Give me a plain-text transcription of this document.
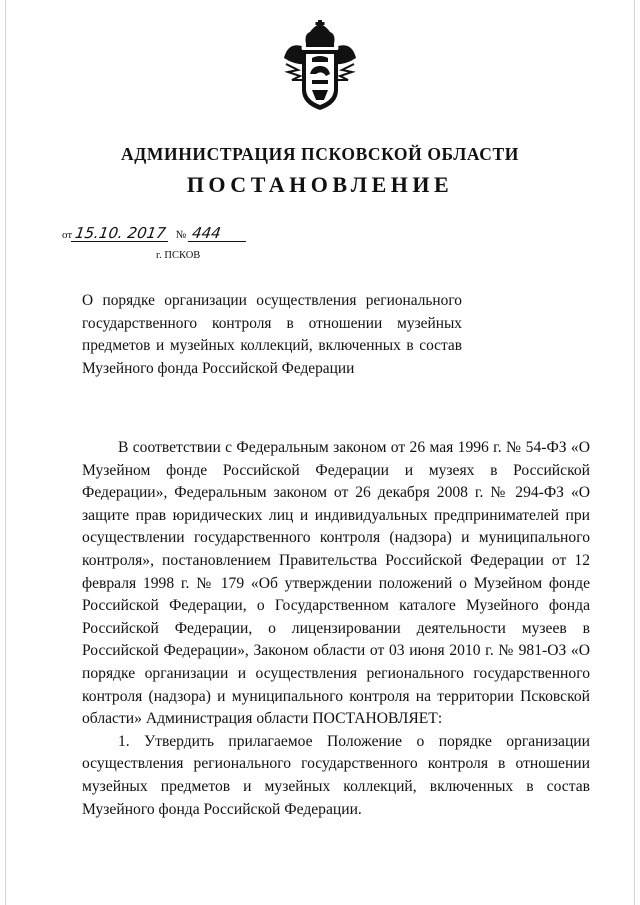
АДМИНИСТРАЦИЯ ПСКОВСКОЙ ОБЛАСТИ
ПОСТАНОВЛЕНИЕ
от 15.10. 2017 № 444
г. ПСКОВ
О порядке организации осуществления регионального государственного контроля в отношении музейных предметов и музейных коллекций, включенных в состав Музейного фонда Российской Федерации

В соответствии с Федеральным законом от 26 мая 1996 г. № 54-ФЗ «О Музейном фонде Российской Федерации и музеях в Российской Федерации», Федеральным законом от 26 декабря 2008 г. № 294-ФЗ «О защите прав юридических лиц и индивидуальных предпринимателей при осуществлении государственного контроля (надзора) и муниципального контроля», постановлением Правительства Российской Федерации от 12 февраля 1998 г. № 179 «Об утверждении положений о Музейном фонде Российской Федерации, о Государственном каталоге Музейного фонда Российской Федерации, о лицензировании деятельности музеев в Российской Федерации», Законом области от 03 июня 2010 г. № 981-ОЗ «О порядке организации и осуществления регионального государственного контроля (надзора) и муниципального контроля на территории Псковской области» Администрация области ПОСТАНОВЛЯЕТ:

1. Утвердить прилагаемое Положение о порядке организации осуществления регионального государственного контроля в отношении музейных предметов и музейных коллекций, включенных в состав Музейного фонда Российской Федерации.
